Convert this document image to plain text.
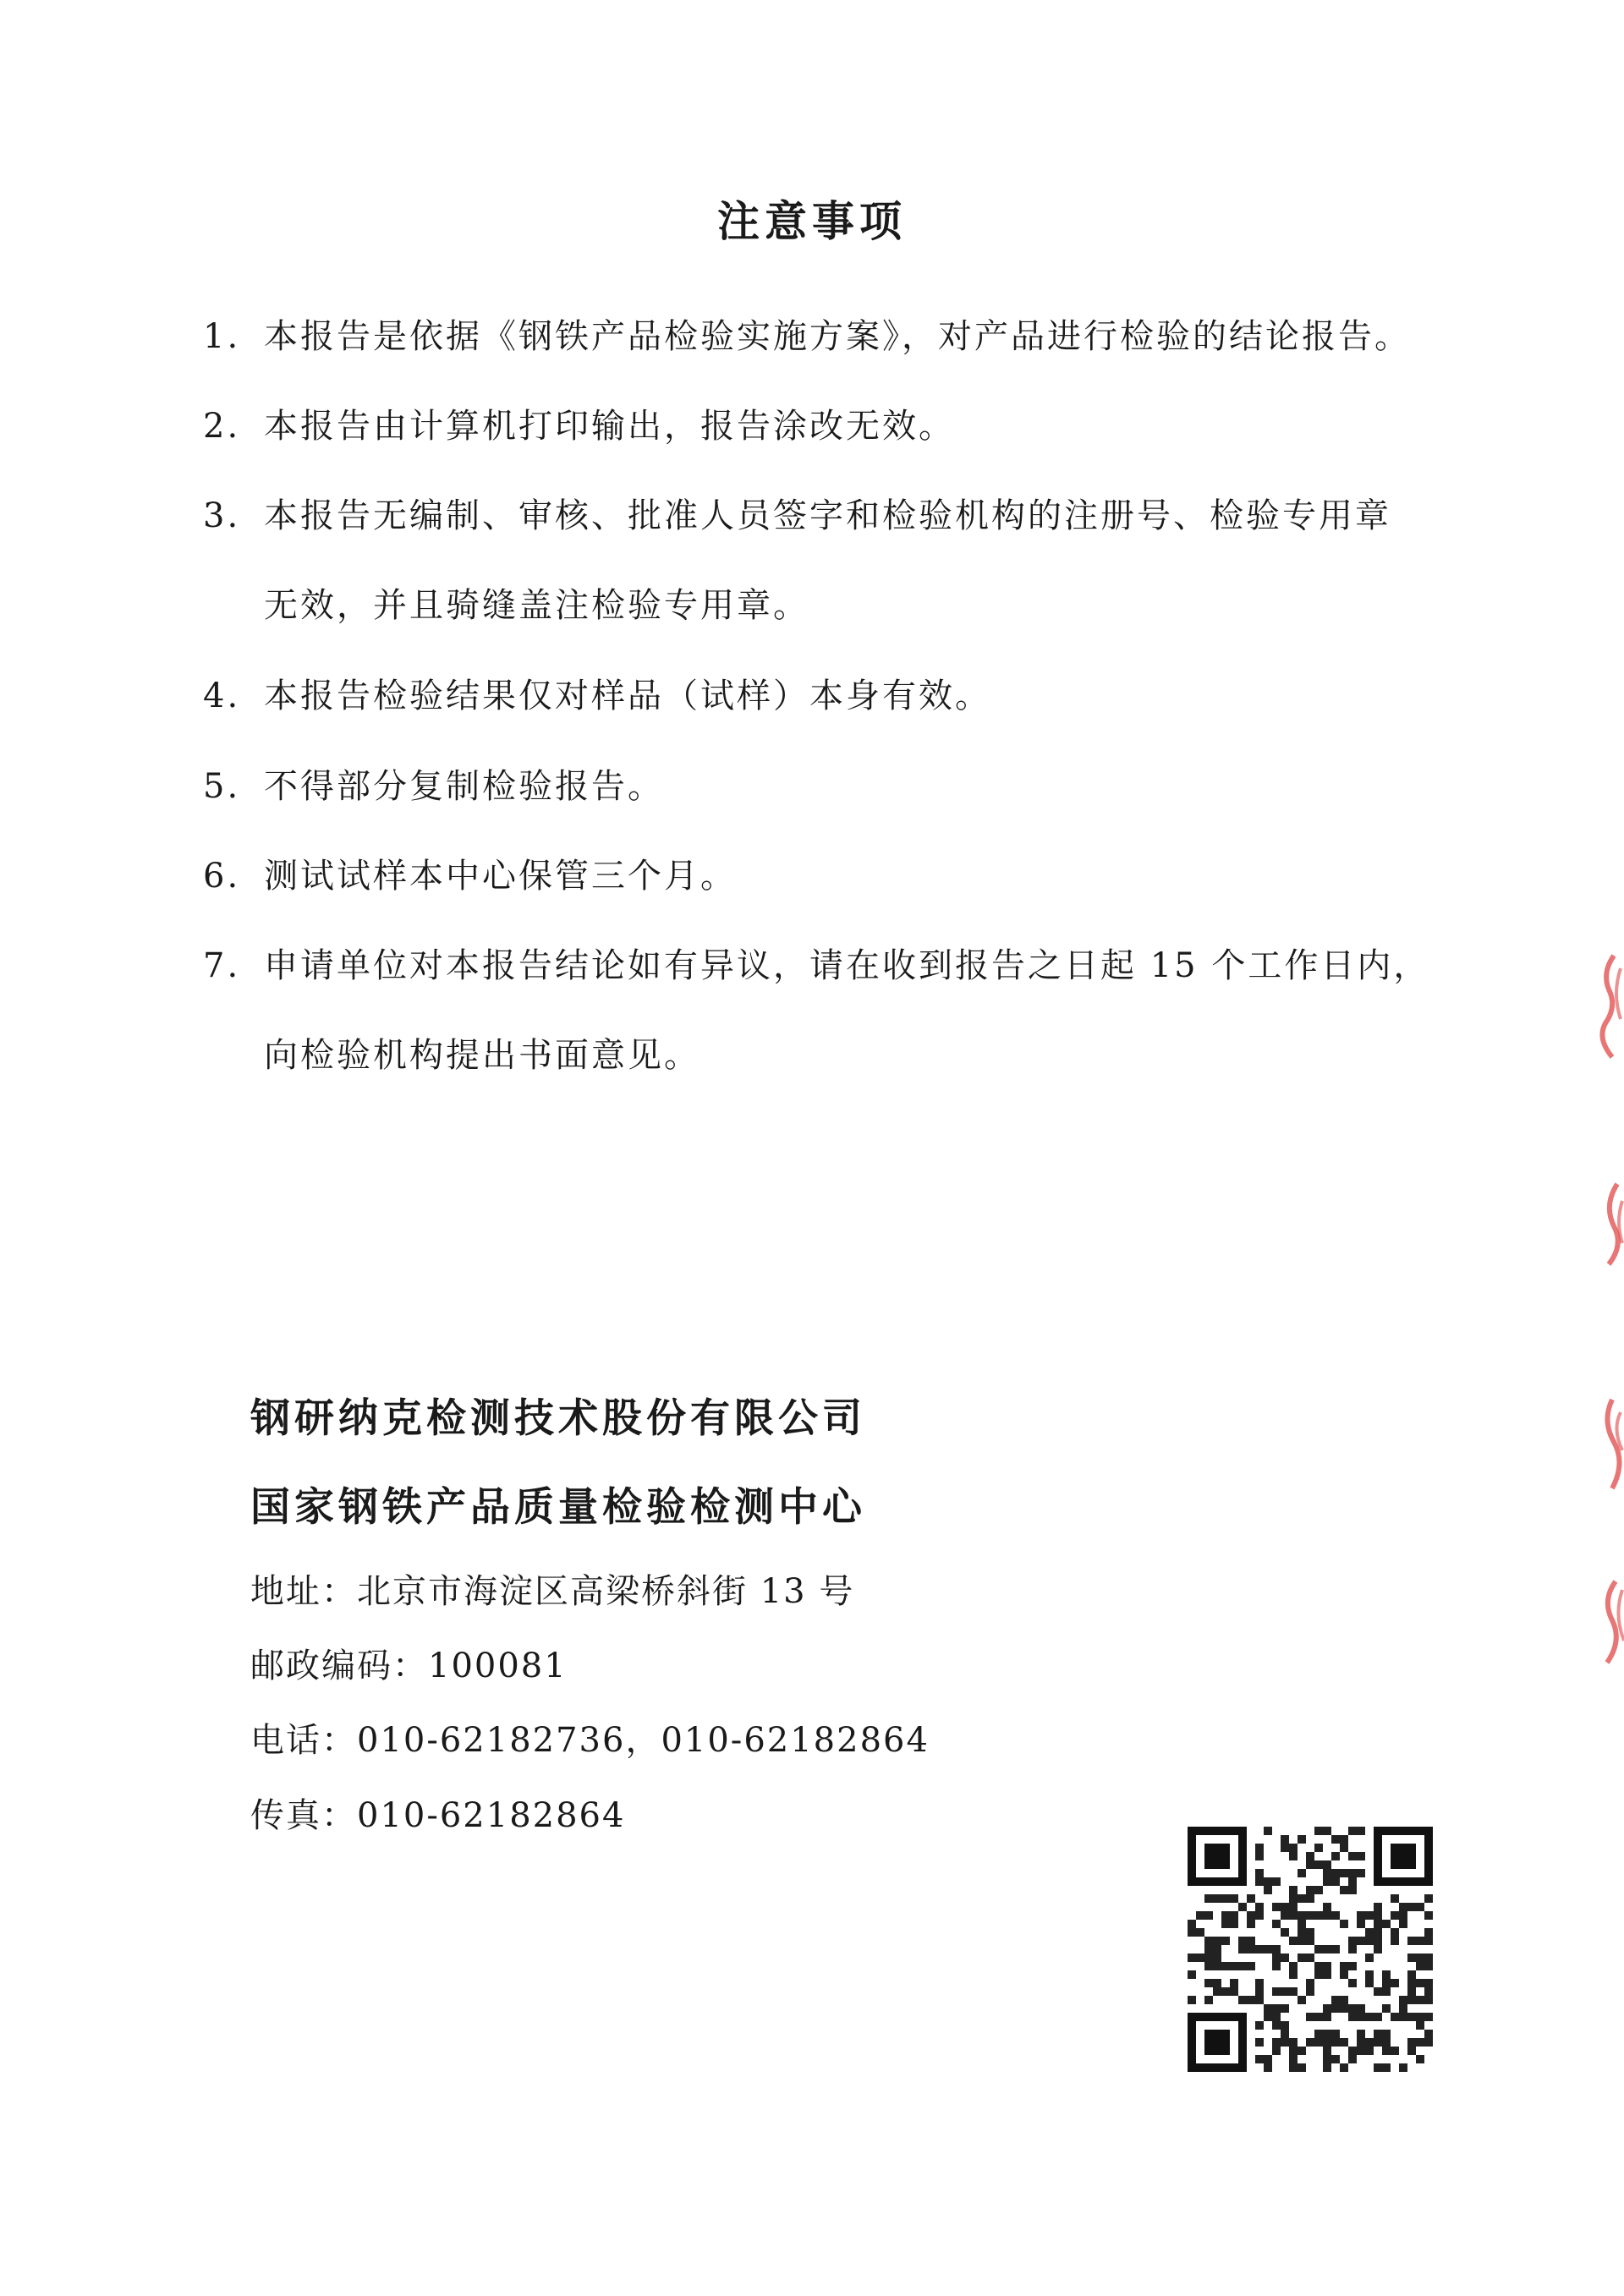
注意事项
1. 本报告是依据《钢铁产品检验实施方案》，对产品进行检验的结论报告。
2. 本报告由计算机打印输出，报告涂改无效。
3. 本报告无编制、审核、批准人员签字和检验机构的注册号、检验专用章
无效，并且骑缝盖注检验专用章。
4. 本报告检验结果仅对样品（试样）本身有效。
5. 不得部分复制检验报告。
6. 测试试样本中心保管三个月。
7. 申请单位对本报告结论如有异议，请在收到报告之日起 15 个工作日内，
向检验机构提出书面意见。
钢研纳克检测技术股份有限公司
国家钢铁产品质量检验检测中心
地址：北京市海淀区高梁桥斜街 13 号
邮政编码：100081
电话：010-62182736，010-62182864
传真：010-62182864
